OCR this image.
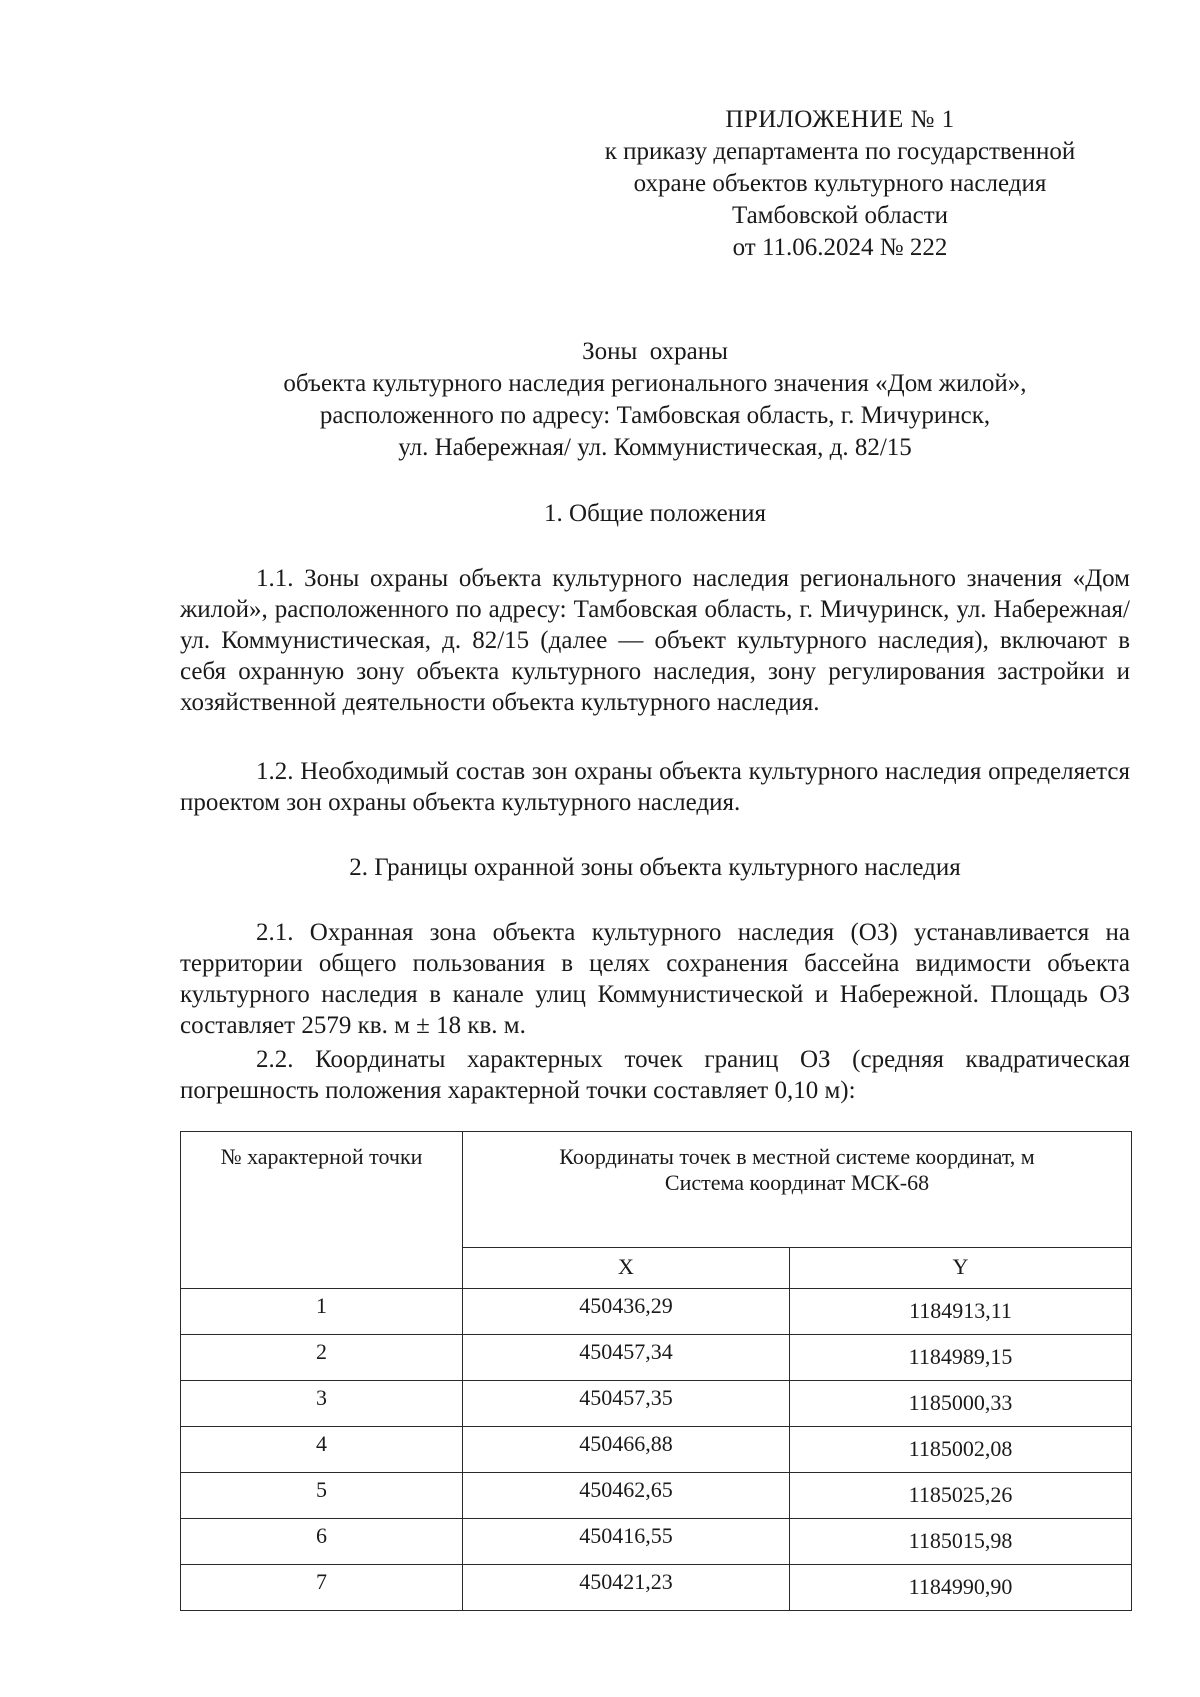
ПРИЛОЖЕНИЕ № 1
к приказу департамента по государственной
охране объектов культурного наследия
Тамбовской области
от 11.06.2024 № 222
Зоны  охраны
объекта культурного наследия регионального значения «Дом жилой»,
расположенного по адресу: Тамбовская область, г. Мичуринск,
ул. Набережная/ ул. Коммунистическая, д. 82/15
1. Общие положения

1.1. Зоны охраны объекта культурного наследия регионального значения «Дом жилой», расположенного по адресу: Тамбовская область, г. Мичуринск, ул. Набережная/ ул. Коммунистическая, д. 82/15 (далее — объект культурного наследия), включают в себя охранную зону объекта культурного наследия, зону регулирования застройки и хозяйственной деятельности объекта культурного наследия.

1.2. Необходимый состав зон охраны объекта культурного наследия определяется проектом зон охраны объекта культурного наследия.

2. Границы охранной зоны объекта культурного наследия

2.1. Охранная зона объекта культурного наследия (ОЗ) устанавливается на территории общего пользования в целях сохранения бассейна видимости объекта культурного наследия в канале улиц Коммунистической и Набережной. Площадь ОЗ составляет 2579 кв. м ± 18 кв. м.

2.2. Координаты характерных точек границ ОЗ (средняя квадратическая погрешность положения характерной точки составляет 0,10 м):

№ характерной точки	Координаты точек в местной системе координат, м
Система координат МСК-68	

	X	Y
1	450436,29	1184913,11
2	450457,34	1184989,15
3	450457,35	1185000,33
4	450466,88	1185002,08
5	450462,65	1185025,26
6	450416,55	1185015,98
7	450421,23	1184990,90
